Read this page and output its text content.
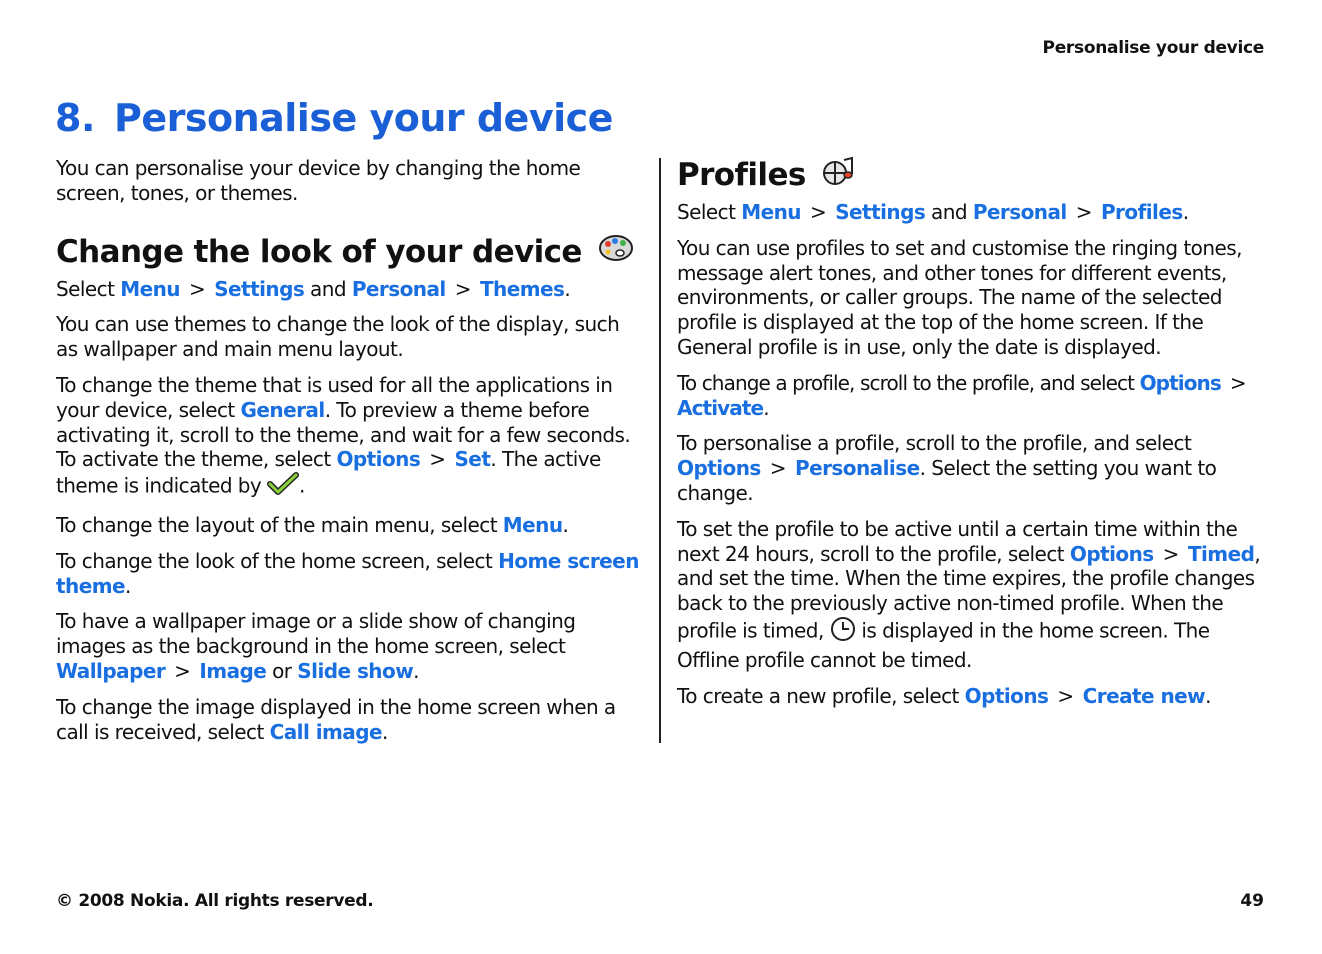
Personalise your device
8. Personalise your device

You can personalise your device by changing the home screen, tones, or themes.

Change the look of your device

Select Menu > Settings and Personal > Themes.

You can use themes to change the look of the display, such as wallpaper and main menu layout.

To change the theme that is used for all the applications in your device, select General. To preview a theme before activating it, scroll to the theme, and wait for a few seconds. To activate the theme, select Options > Set. The active theme is indicated by .

To change the layout of the main menu, select Menu.

To change the look of the home screen, select Home screen theme.

To have a wallpaper image or a slide show of changing images as the background in the home screen, select Wallpaper > Image or Slide show.

To change the image displayed in the home screen when a call is received, select Call image.

Profiles

Select Menu > Settings and Personal > Profiles.

You can use profiles to set and customise the ringing tones, message alert tones, and other tones for different events, environments, or caller groups. The name of the selected profile is displayed at the top of the home screen. If the General profile is in use, only the date is displayed.

To change a profile, scroll to the profile, and select Options >Activate.

To personalise a profile, scroll to the profile, and select Options > Personalise. Select the setting you want to change.

To set the profile to be active until a certain time within the next 24 hours, scroll to the profile, select Options > Timed, and set the time. When the time expires, the profile changes back to the previously active non-timed profile. When the profile is timed, is displayed in the home screen. The Offline profile cannot be timed.

To create a new profile, select Options > Create new.

© 2008 Nokia. All rights reserved.	49
